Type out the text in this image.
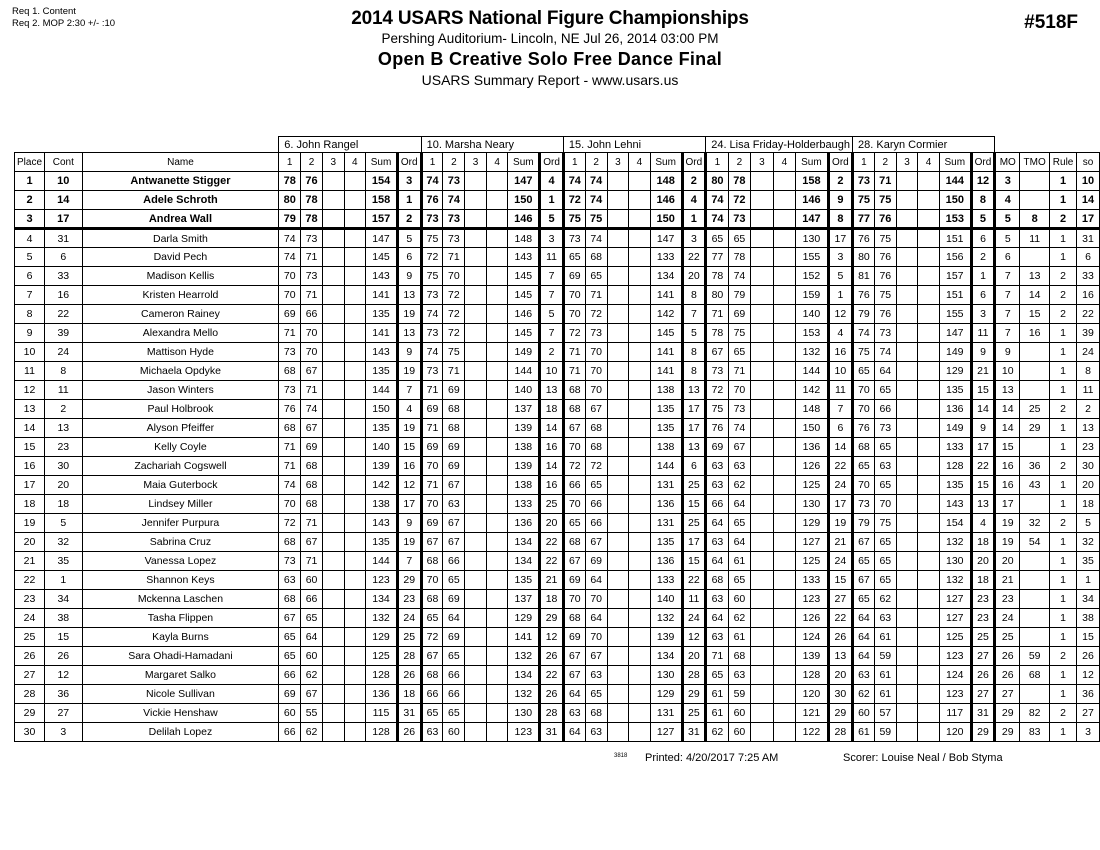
Req 1. Content
Req 2. MOP 2:30 +/- :10	2014 USARS National Figure Championships
Pershing Auditorium- Lincoln, NE Jul 26, 2014 03:00 PM
Open B Creative Solo Free Dance Final
USARS Summary Report - www.usars.us
#518F
			6. John Rangel						10. Marsha Neary						15. John Lehni						24. Lisa Friday-Holderbaugh						28. Karyn Cormier									
Place	Cont	Name	1	2	3	4	Sum	Ord	1	2	3	4	Sum	Ord	1	2	3	4	Sum	Ord	1	2	3	4	Sum	Ord	1	2	3	4	Sum	Ord	MO	TMO	Rule	so
1	10	Antwanette Stigger	78	76			154	3	74	73			147	4	74	74			148	2	80	78			158	2	73	71			144	12	3		1	10
2	14	Adele Schroth	80	78			158	1	76	74			150	1	72	74			146	4	74	72			146	9	75	75			150	8	4		1	14
3	17	Andrea Wall	79	78			157	2	73	73			146	5	75	75			150	1	74	73			147	8	77	76			153	5	5	8	2	17
4	31	Darla Smith	74	73			147	5	75	73			148	3	73	74			147	3	65	65			130	17	76	75			151	6	5	11	1	31
5	6	David Pech	74	71			145	6	72	71			143	11	65	68			133	22	77	78			155	3	80	76			156	2	6		1	6
6	33	Madison Kellis	70	73			143	9	75	70			145	7	69	65			134	20	78	74			152	5	81	76			157	1	7	13	2	33
7	16	Kristen Hearrold	70	71			141	13	73	72			145	7	70	71			141	8	80	79			159	1	76	75			151	6	7	14	2	16
8	22	Cameron Rainey	69	66			135	19	74	72			146	5	70	72			142	7	71	69			140	12	79	76			155	3	7	15	2	22
9	39	Alexandra Mello	71	70			141	13	73	72			145	7	72	73			145	5	78	75			153	4	74	73			147	11	7	16	1	39
10	24	Mattison Hyde	73	70			143	9	74	75			149	2	71	70			141	8	67	65			132	16	75	74			149	9	9		1	24
11	8	Michaela Opdyke	68	67			135	19	73	71			144	10	71	70			141	8	73	71			144	10	65	64			129	21	10		1	8
12	11	Jason Winters	73	71			144	7	71	69			140	13	68	70			138	13	72	70			142	11	70	65			135	15	13		1	11
13	2	Paul Holbrook	76	74			150	4	69	68			137	18	68	67			135	17	75	73			148	7	70	66			136	14	14	25	2	2
14	13	Alyson Pfeiffer	68	67			135	19	71	68			139	14	67	68			135	17	76	74			150	6	76	73			149	9	14	29	1	13
15	23	Kelly Coyle	71	69			140	15	69	69			138	16	70	68			138	13	69	67			136	14	68	65			133	17	15		1	23
16	30	Zachariah Cogswell	71	68			139	16	70	69			139	14	72	72			144	6	63	63			126	22	65	63			128	22	16	36	2	30
17	20	Maia Guterbock	74	68			142	12	71	67			138	16	66	65			131	25	63	62			125	24	70	65			135	15	16	43	1	20
18	18	Lindsey Miller	70	68			138	17	70	63			133	25	70	66			136	15	66	64			130	17	73	70			143	13	17		1	18
19	5	Jennifer Purpura	72	71			143	9	69	67			136	20	65	66			131	25	64	65			129	19	79	75			154	4	19	32	2	5
20	32	Sabrina Cruz	68	67			135	19	67	67			134	22	68	67			135	17	63	64			127	21	67	65			132	18	19	54	1	32
21	35	Vanessa Lopez	73	71			144	7	68	66			134	22	67	69			136	15	64	61			125	24	65	65			130	20	20		1	35
22	1	Shannon Keys	63	60			123	29	70	65			135	21	69	64			133	22	68	65			133	15	67	65			132	18	21		1	1
23	34	Mckenna Laschen	68	66			134	23	68	69			137	18	70	70			140	11	63	60			123	27	65	62			127	23	23		1	34
24	38	Tasha Flippen	67	65			132	24	65	64			129	29	68	64			132	24	64	62			126	22	64	63			127	23	24		1	38
25	15	Kayla Burns	65	64			129	25	72	69			141	12	69	70			139	12	63	61			124	26	64	61			125	25	25		1	15
26	26	Sara Ohadi-Hamadani	65	60			125	28	67	65			132	26	67	67			134	20	71	68			139	13	64	59			123	27	26	59	2	26
27	12	Margaret Salko	66	62			128	26	68	66			134	22	67	63			130	28	65	63			128	20	63	61			124	26	26	68	1	12
28	36	Nicole Sullivan	69	67			136	18	66	66			132	26	64	65			129	29	61	59			120	30	62	61			123	27	27		1	36
29	27	Vickie Henshaw	60	55			115	31	65	65			130	28	63	68			131	25	61	60			121	29	60	57			117	31	29	82	2	27
30	3	Delilah Lopez	66	62			128	26	63	60			123	31	64	63			127	31	62	60			122	28	61	59			120	29	29	83	1	3
3818 Printed: 4/20/2017 7:25 AM	Scorer: Louise Neal / Bob Styma
